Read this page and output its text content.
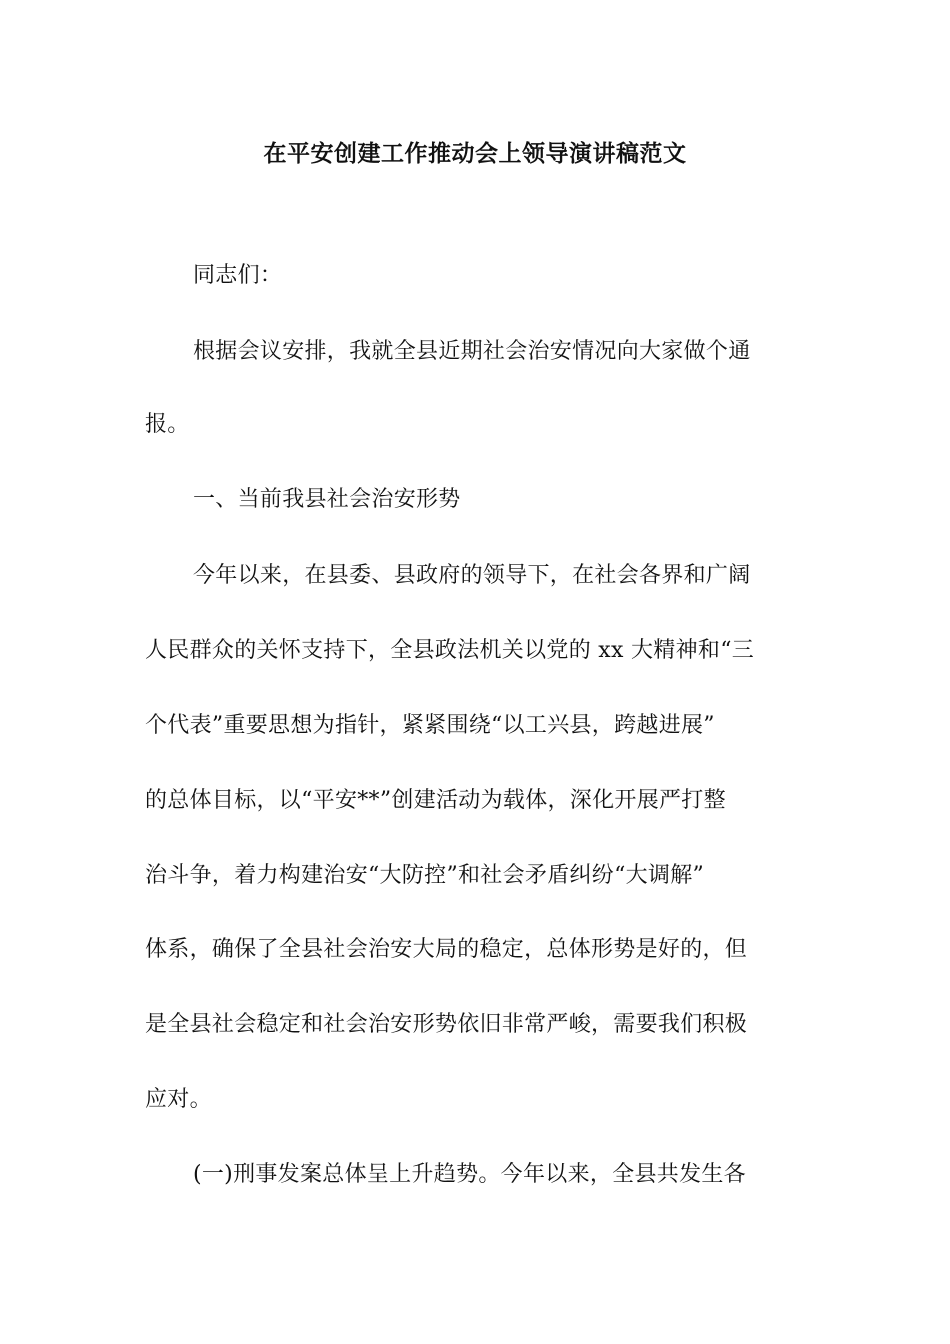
在平安创建工作推动会上领导演讲稿范文
同志们：
根据会议安排，我就全县近期社会治安情况向大家做个通
报。
一、当前我县社会治安形势
今年以来，在县委、县政府的领导下，在社会各界和广阔
人民群众的关怀支持下，全县政法机关以党的 xx 大精神和“三
个代表”重要思想为指针，紧紧围绕“以工兴县，跨越进展”
的总体目标，以“平安**”创建活动为载体，深化开展严打整
治斗争，着力构建治安“大防控”和社会矛盾纠纷“大调解”
体系，确保了全县社会治安大局的稳定，总体形势是好的，但
是全县社会稳定和社会治安形势依旧非常严峻，需要我们积极
应对。
(一)刑事发案总体呈上升趋势。今年以来，全县共发生各
